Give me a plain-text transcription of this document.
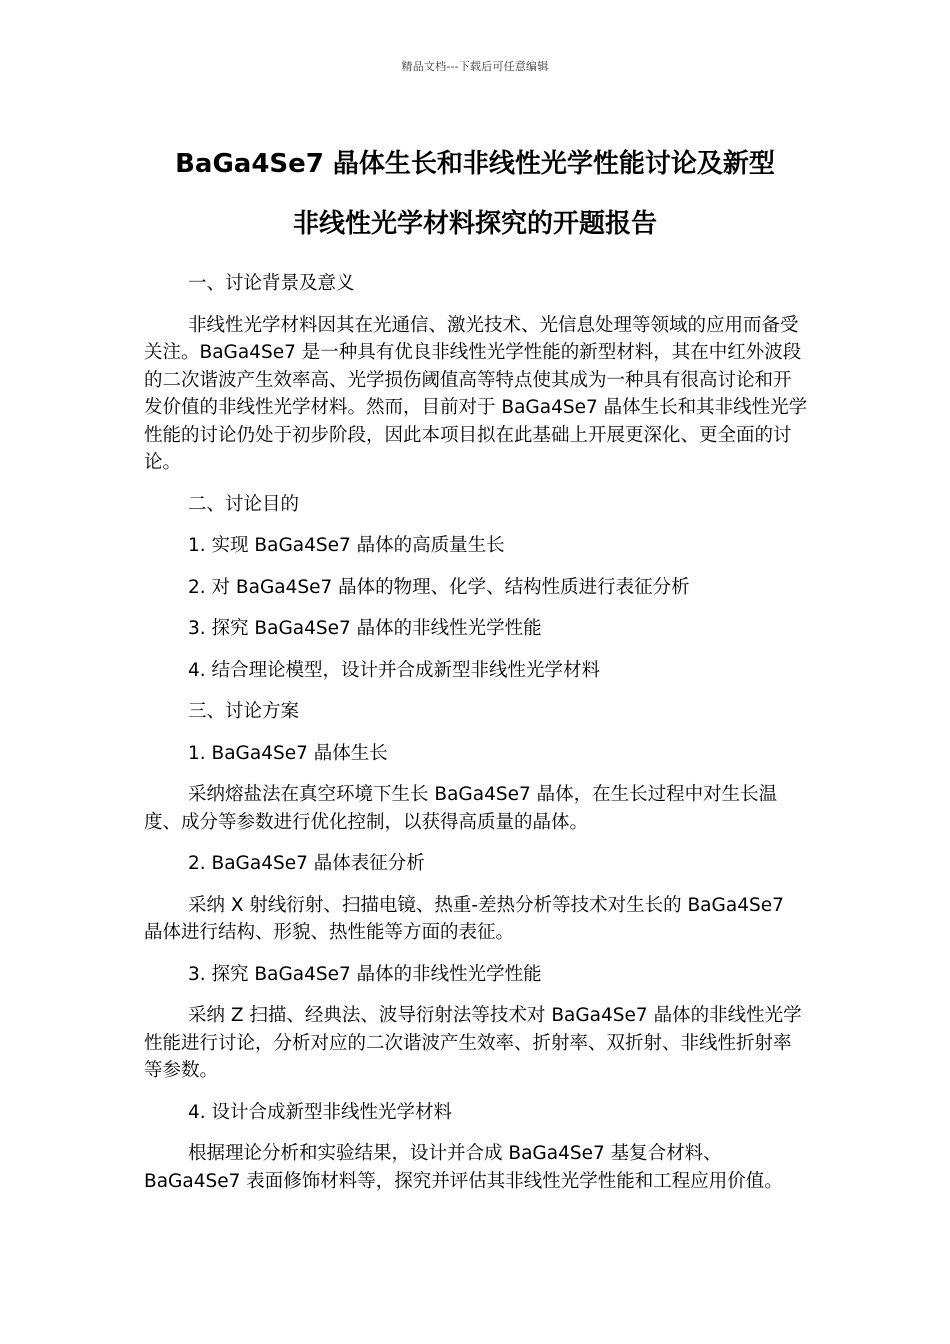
精品文档---下载后可任意编辑
BaGa4Se7 晶体生长和非线性光学性能讨论及新型
非线性光学材料探究的开题报告

一、讨论背景及意义

非线性光学材料因其在光通信、激光技术、光信息处理等领域的应用而备受关注。BaGa4Se7 是一种具有优良非线性光学性能的新型材料，其在中红外波段的二次谐波产生效率高、光学损伤阈值高等特点使其成为一种具有很高讨论和开发价值的非线性光学材料。然而，目前对于 BaGa4Se7 晶体生长和其非线性光学性能的讨论仍处于初步阶段，因此本项目拟在此基础上开展更深化、更全面的讨论。

二、讨论目的

1. 实现 BaGa4Se7 晶体的高质量生长

2. 对 BaGa4Se7 晶体的物理、化学、结构性质进行表征分析

3. 探究 BaGa4Se7 晶体的非线性光学性能

4. 结合理论模型，设计并合成新型非线性光学材料

三、讨论方案

1. BaGa4Se7 晶体生长

采纳熔盐法在真空环境下生长 BaGa4Se7 晶体，在生长过程中对生长温度、成分等参数进行优化控制，以获得高质量的晶体。

2. BaGa4Se7 晶体表征分析

采纳 X 射线衍射、扫描电镜、热重-差热分析等技术对生长的 BaGa4Se7 晶体进行结构、形貌、热性能等方面的表征。

3. 探究 BaGa4Se7 晶体的非线性光学性能

采纳 Z 扫描、经典法、波导衍射法等技术对 BaGa4Se7 晶体的非线性光学性能进行讨论，分析对应的二次谐波产生效率、折射率、双折射、非线性折射率等参数。

4. 设计合成新型非线性光学材料

根据理论分析和实验结果，设计并合成 BaGa4Se7 基复合材料、BaGa4Se7 表面修饰材料等，探究并评估其非线性光学性能和工程应用价值。
